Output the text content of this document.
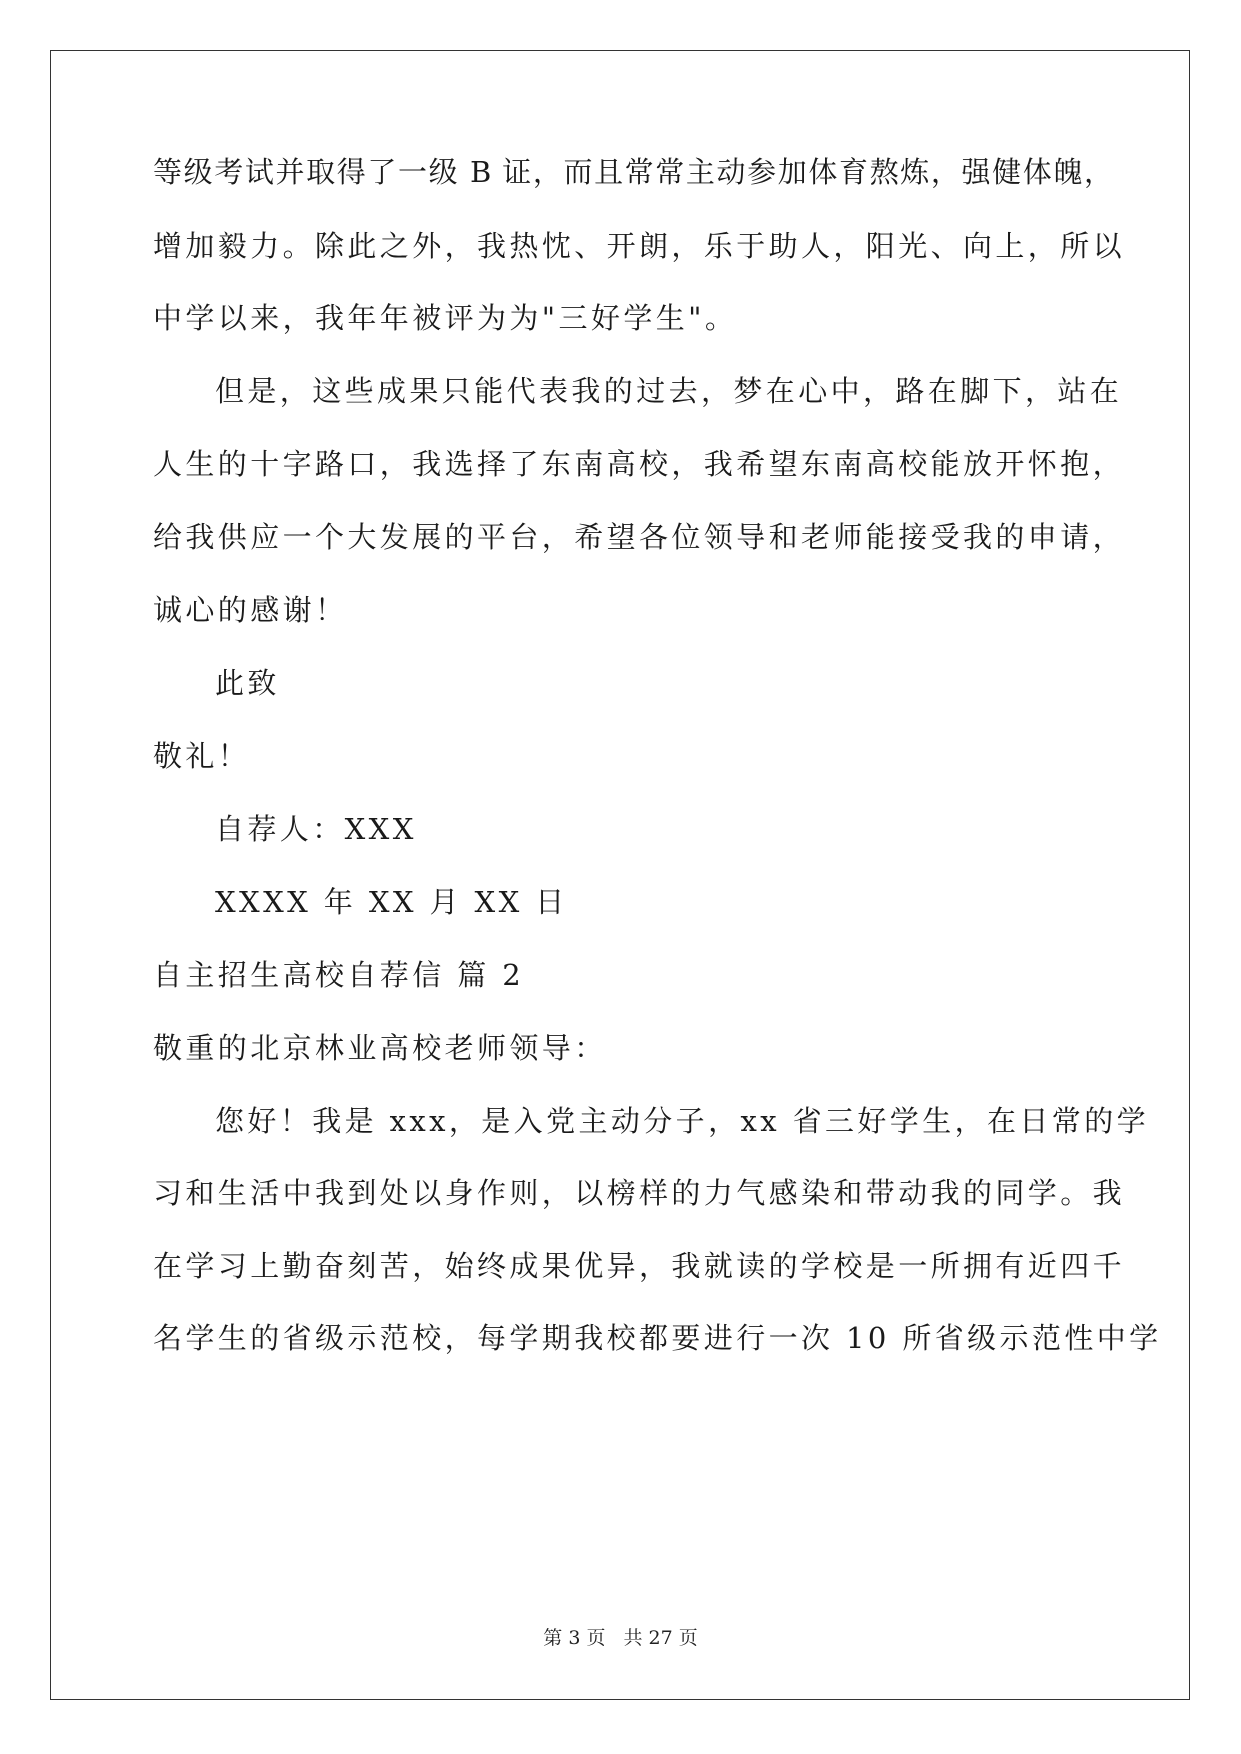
等级考试并取得了一级 B 证，而且常常主动参加体育熬炼，强健体魄，
增加毅力。除此之外，我热忱、开朗，乐于助人，阳光、向上，所以
中学以来，我年年被评为为"三好学生"。
但是，这些成果只能代表我的过去，梦在心中，路在脚下，站在
人生的十字路口，我选择了东南高校，我希望东南高校能放开怀抱，
给我供应一个大发展的平台，希望各位领导和老师能接受我的申请，
诚心的感谢！
此致
敬礼！
自荐人：XXX
XXXX 年 XX 月 XX 日
自主招生高校自荐信 篇 2
敬重的北京林业高校老师领导：
您好！我是 xxx，是入党主动分子，xx 省三好学生，在日常的学
习和生活中我到处以身作则，以榜样的力气感染和带动我的同学。我
在学习上勤奋刻苦，始终成果优异，我就读的学校是一所拥有近四千
名学生的省级示范校，每学期我校都要进行一次 10 所省级示范性中学
第 3 页 共 27 页
